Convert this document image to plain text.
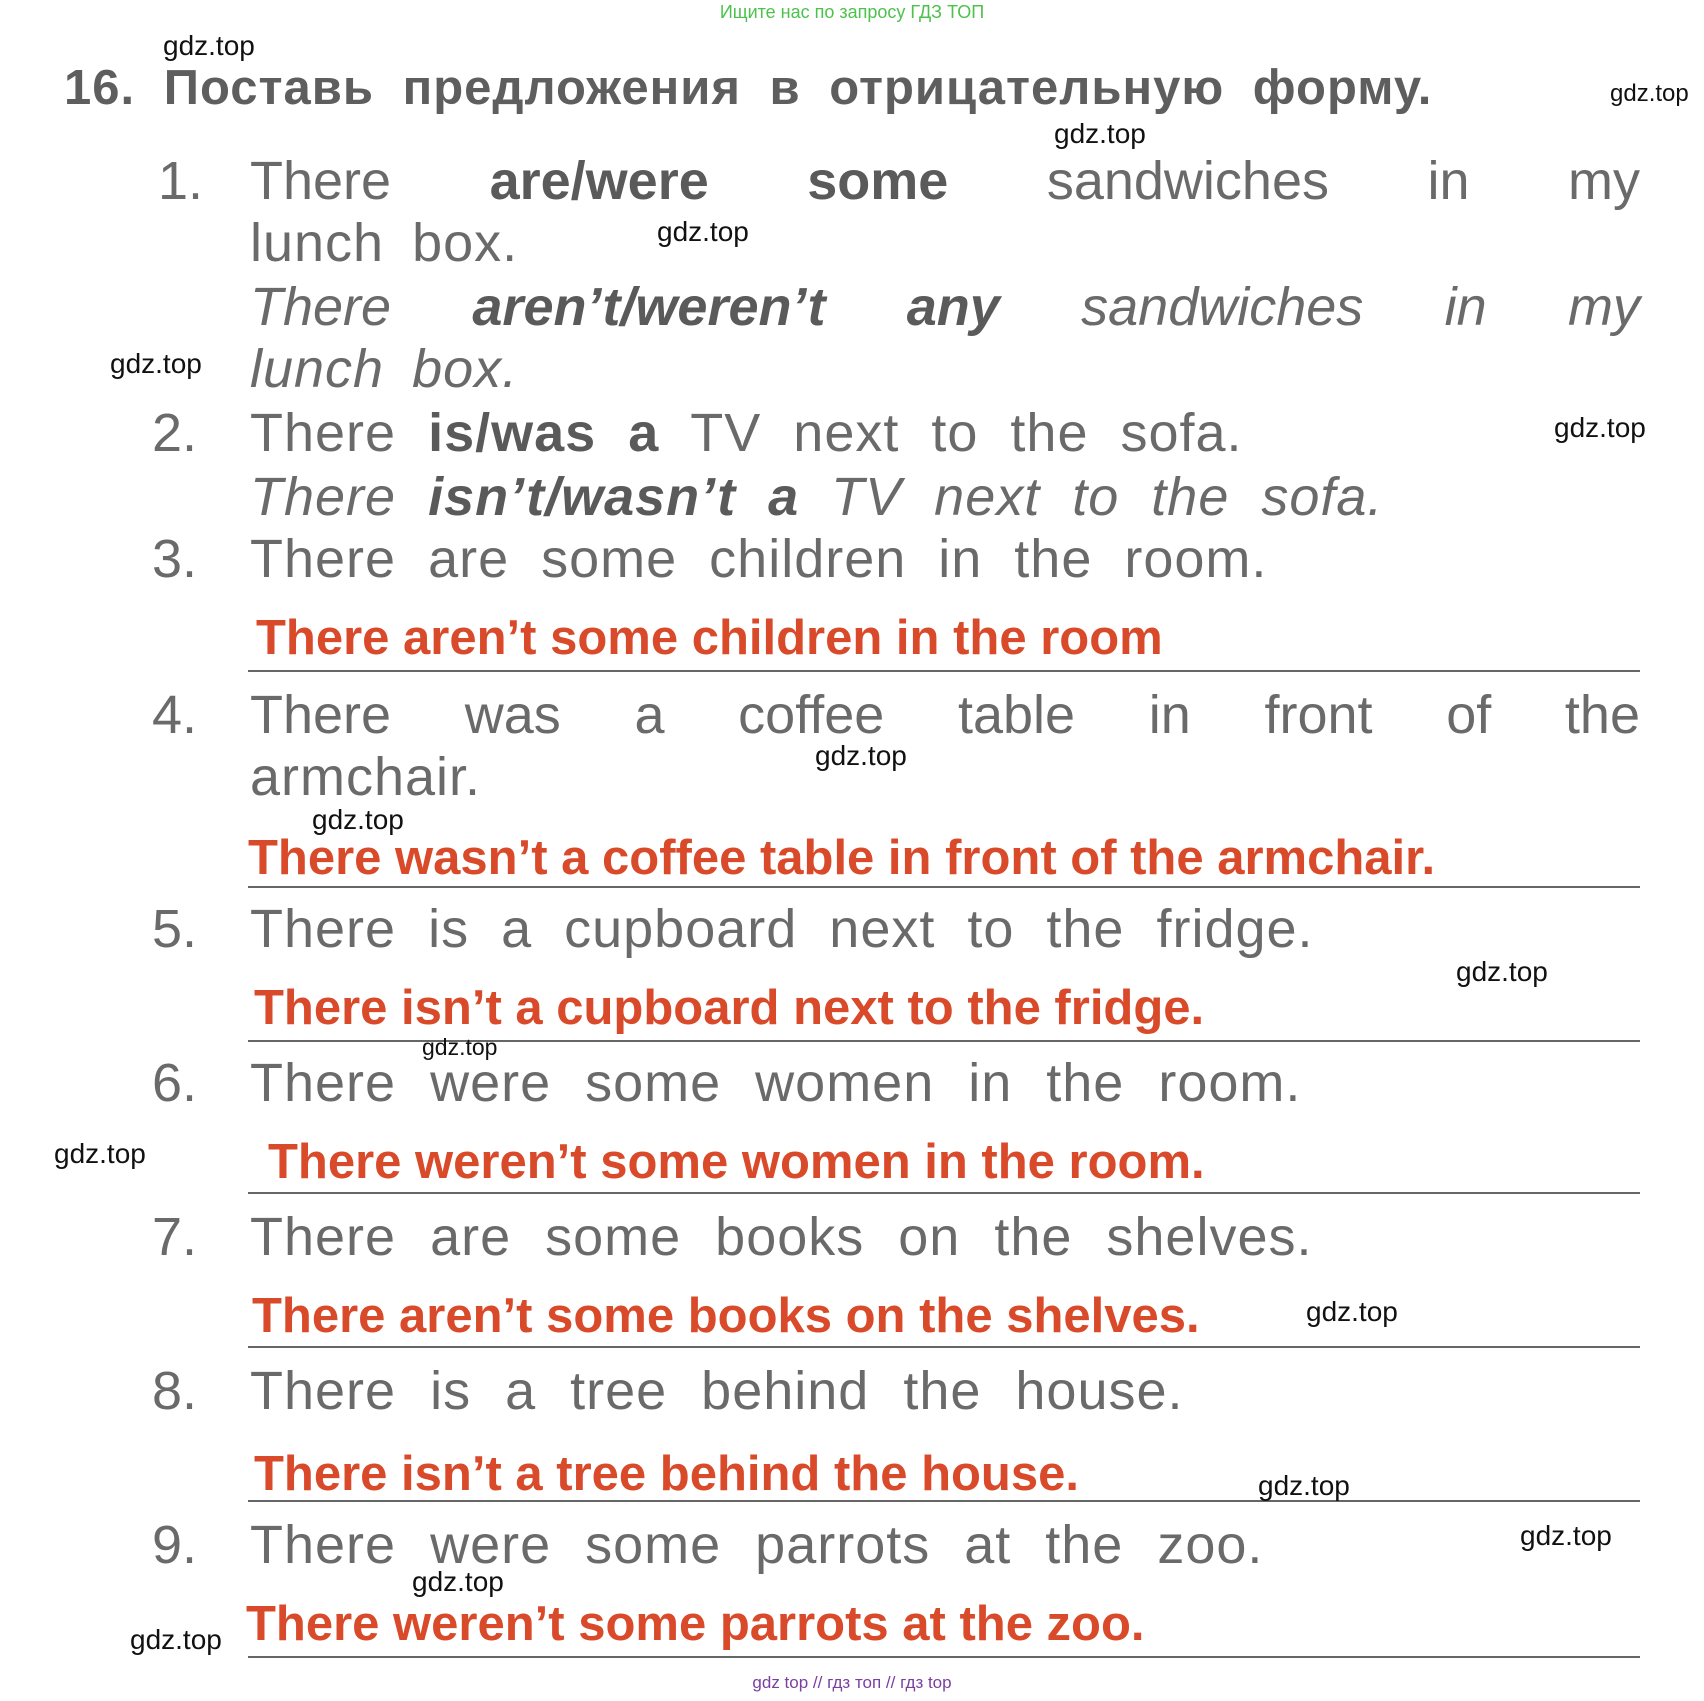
Ищите нас по запросу ГДЗ ТОП
16. Поставь предложения в отрицательную форму.
1. There are/were some sandwiches in my
lunch box.
There aren’t/weren’t any sandwiches in my
lunch box.
2. There is/was a TV next to the sofa.
There isn’t/wasn’t a TV next to the sofa.
3. There are some children in the room.
There aren’t some children in the room
4. There was a coffee table in front of the
armchair.
There wasn’t a coffee table in front of the armchair.
5. There is a cupboard next to the fridge.
There isn’t a cupboard next to the fridge.
6. There were some women in the room.
There weren’t some women in the room.
7. There are some books on the shelves.
There aren’t some books on the shelves.
8. There is a tree behind the house.
There isn’t a tree behind the house.
9. There were some parrots at the zoo.
There weren’t some parrots at the zoo.
gdz.top
gdz.top
gdz.top
gdz.top
gdz.top
gdz.top
gdz.top
gdz.top
gdz.top
gdz.top
gdz.top
gdz.top
gdz.top
gdz.top
gdz.top
gdz.top
gdz top // гдз топ // гдз top
